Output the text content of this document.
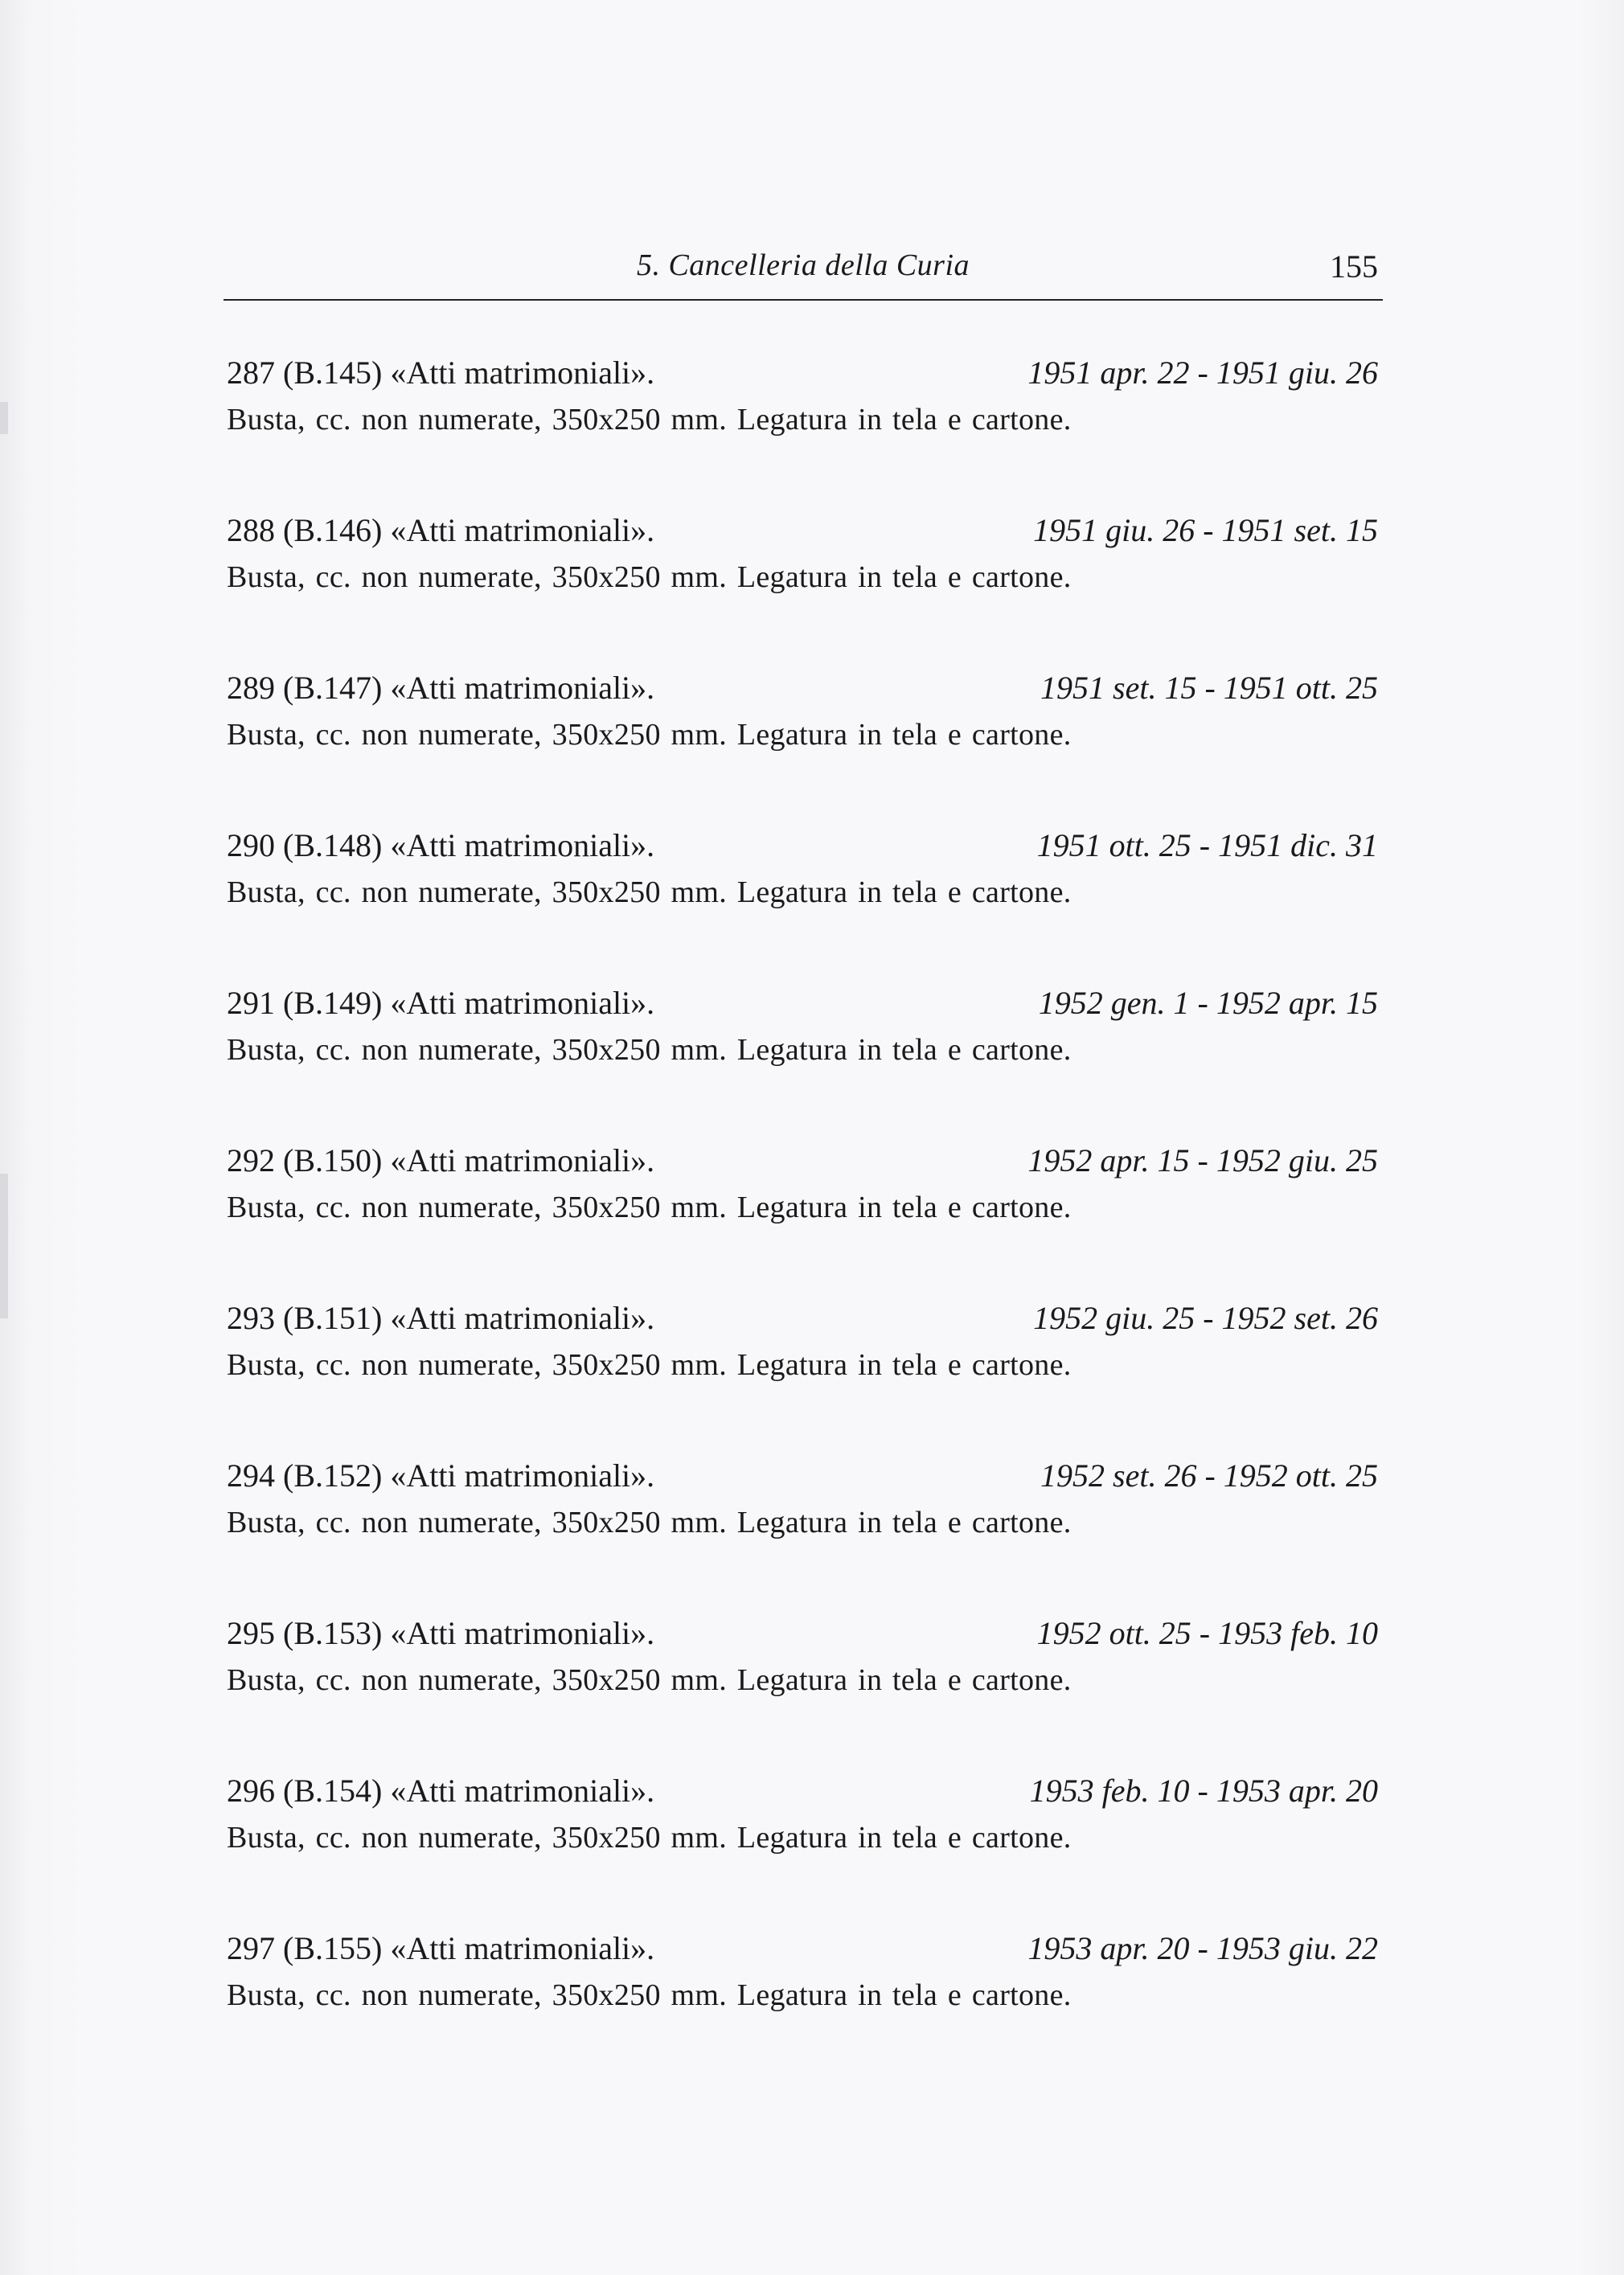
5. Cancelleria della Curia	155
287 (B.145) «Atti matrimoniali».	1951 apr. 22 - 1951 giu. 26
Busta, cc. non numerate, 350x250 mm. Legatura in tela e cartone.
288 (B.146) «Atti matrimoniali».	1951 giu. 26 - 1951 set. 15
Busta, cc. non numerate, 350x250 mm. Legatura in tela e cartone.
289 (B.147) «Atti matrimoniali».	1951 set. 15 - 1951 ott. 25
Busta, cc. non numerate, 350x250 mm. Legatura in tela e cartone.
290 (B.148) «Atti matrimoniali».	1951 ott. 25 - 1951 dic. 31
Busta, cc. non numerate, 350x250 mm. Legatura in tela e cartone.
291 (B.149) «Atti matrimoniali».	1952 gen. 1 - 1952 apr. 15
Busta, cc. non numerate, 350x250 mm. Legatura in tela e cartone.
292 (B.150) «Atti matrimoniali».	1952 apr. 15 - 1952 giu. 25
Busta, cc. non numerate, 350x250 mm. Legatura in tela e cartone.
293 (B.151) «Atti matrimoniali».	1952 giu. 25 - 1952 set. 26
Busta, cc. non numerate, 350x250 mm. Legatura in tela e cartone.
294 (B.152) «Atti matrimoniali».	1952 set. 26 - 1952 ott. 25
Busta, cc. non numerate, 350x250 mm. Legatura in tela e cartone.
295 (B.153) «Atti matrimoniali».	1952 ott. 25 - 1953 feb. 10
Busta, cc. non numerate, 350x250 mm. Legatura in tela e cartone.
296 (B.154) «Atti matrimoniali».	1953 feb. 10 - 1953 apr. 20
Busta, cc. non numerate, 350x250 mm. Legatura in tela e cartone.
297 (B.155) «Atti matrimoniali».	1953 apr. 20 - 1953 giu. 22
Busta, cc. non numerate, 350x250 mm. Legatura in tela e cartone.
